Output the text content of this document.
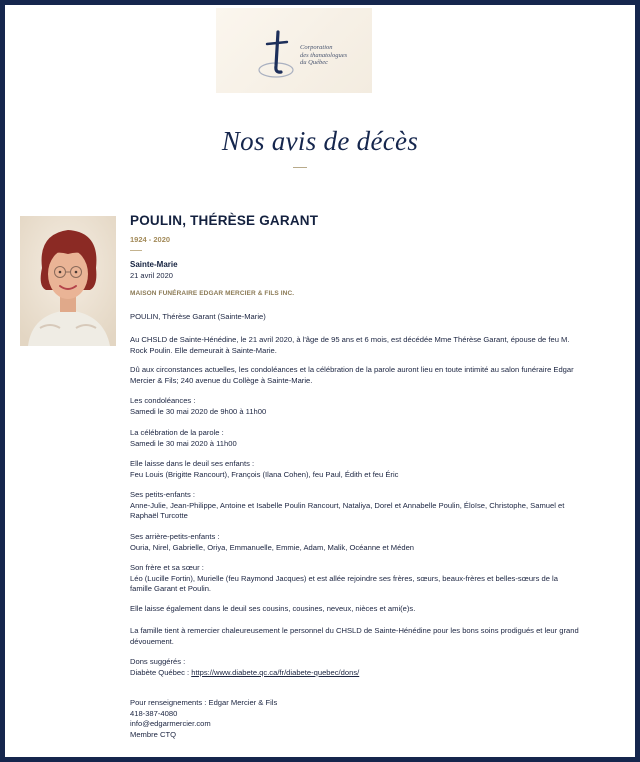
Corporation
des thanatologues
du Québec
Nos avis de décès
POULIN, THÉRÈSE GARANT
1924 - 2020
Sainte-Marie
21 avril 2020
MAISON FUNÉRAIRE EDGAR MERCIER & FILS INC.

POULIN, Thérèse Garant (Sainte-Marie)

Au CHSLD de Sainte-Hénédine, le 21 avril 2020, à l'âge de 95 ans et 6 mois, est décédée Mme Thérèse Garant, épouse de feu M. Rock Poulin. Elle demeurait à Sainte-Marie.

Dû aux circonstances actuelles, les condoléances et la célébration de la parole auront lieu en toute intimité au salon funéraire Edgar Mercier & Fils; 240 avenue du Collège à Sainte-Marie.

Les condoléances :

Samedi le 30 mai 2020 de 9h00 à 11h00

La célébration de la parole :

Samedi le 30 mai 2020 à 11h00

Elle laisse dans le deuil ses enfants :

Feu Louis (Brigitte Rancourt), François (Ilana Cohen), feu Paul, Édith et feu Éric

Ses petits-enfants :

Anne-Julie, Jean-Philippe, Antoine et Isabelle Poulin Rancourt, Nataliya, Dorel et Annabelle Poulin, Éloïse, Christophe, Samuel et Raphaël Turcotte

Ses arrière-petits-enfants :

Ouria, Nirel, Gabrielle, Oriya, Emmanuelle, Emmie, Adam, Malik, Océanne et Méden

Son frère et sa sœur :

Léo (Lucille Fortin), Murielle (feu Raymond Jacques) et est allée rejoindre ses frères, sœurs, beaux-frères et belles-sœurs de la famille Garant et Poulin.

Elle laisse également dans le deuil ses cousins, cousines, neveux, nièces et ami(e)s.

La famille tient à remercier chaleureusement le personnel du CHSLD de Sainte-Hénédine pour les bons soins prodigués et leur grand dévouement.

Dons suggérés :

Diabète Québec : https://www.diabete.qc.ca/fr/diabete-quebec/dons/

Pour renseignements : Edgar Mercier & Fils

418-387-4080

info@edgarmercier.com

Membre CTQ
